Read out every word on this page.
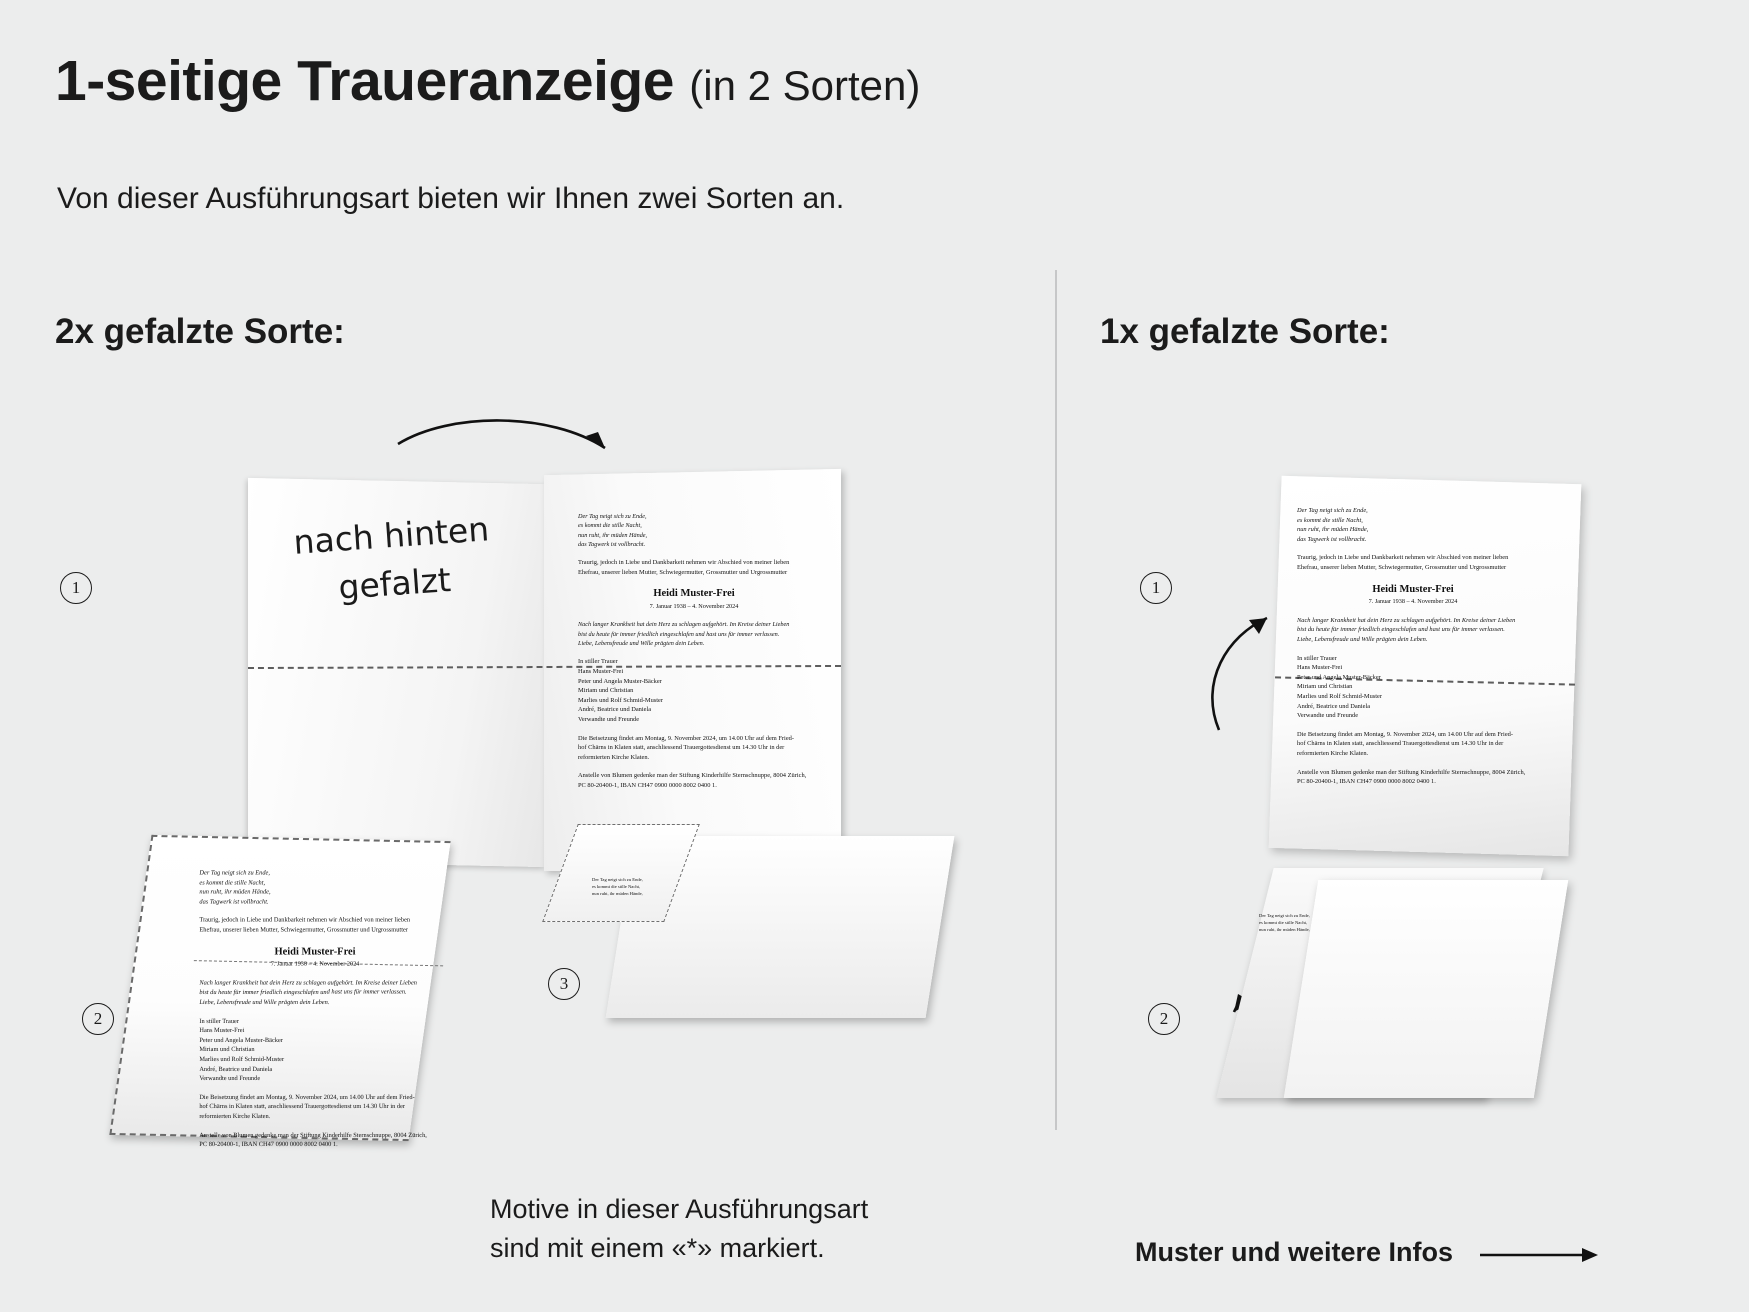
1-seitige Traueranzeige (in 2 Sorten)
Von dieser Ausführungsart bieten wir Ihnen zwei Sorten an.
2x gefalzte Sorte:	1x gefalzte Sorte:
1
2
3
1
2
nach hinten
gefalzt

Der Tag neigt sich zu Ende,

es kommt die stille Nacht,

nun ruht, ihr müden Hände,

das Tagwerk ist vollbracht.

Traurig, jedoch in Liebe und Dankbarkeit nehmen wir Abschied von meiner lieben

Ehefrau, unserer lieben Mutter, Schwiegermutter, Grossmutter und Urgrossmutter

Heidi Muster-Frei
7. Januar 1938 – 4. November 2024

Nach langer Krankheit hat dein Herz zu schlagen aufgehört. Im Kreise deiner Lieben

bist du heute für immer friedlich eingeschlafen und hast uns für immer verlassen.

Liebe, Lebensfreude und Wille prägten dein Leben.

In stiller Trauer

Hans Muster-Frei

Peter und Angela Muster-Bäcker

Miriam und Christian

Marlies und Rolf Schmid-Muster

André, Beatrice und Daniela

Verwandte und Freunde

Die Beisetzung findet am Montag, 9. November 2024, um 14.00 Uhr auf dem Fried-

hof Chärns in Klaten statt, anschliessend Trauergottesdienst um 14.30 Uhr in der

reformierten Kirche Klaten.

Anstelle von Blumen gedenke man der Stiftung Kinderhilfe Sternschnuppe, 8004 Zürich,

PC 80-20400-1, IBAN CH47 0900 0000 8002 0400 1.

Der Tag neigt sich zu Ende,

es kommt die stille Nacht,

nun ruht, ihr müden Hände,

das Tagwerk ist vollbracht.

Traurig, jedoch in Liebe und Dankbarkeit nehmen wir Abschied von meiner lieben

Ehefrau, unserer lieben Mutter, Schwiegermutter, Grossmutter und Urgrossmutter

Heidi Muster-Frei
7. Januar 1938 – 4. November 2024

Nach langer Krankheit hat dein Herz zu schlagen aufgehört. Im Kreise deiner Lieben

bist du heute für immer friedlich eingeschlafen und hast uns für immer verlassen.

Liebe, Lebensfreude und Wille prägten dein Leben.

In stiller Trauer

Hans Muster-Frei

Peter und Angela Muster-Bäcker

Miriam und Christian

Marlies und Rolf Schmid-Muster

André, Beatrice und Daniela

Verwandte und Freunde

Die Beisetzung findet am Montag, 9. November 2024, um 14.00 Uhr auf dem Fried-

hof Chärns in Klaten statt, anschliessend Trauergottesdienst um 14.30 Uhr in der

reformierten Kirche Klaten.

Anstelle von Blumen gedenke man der Stiftung Kinderhilfe Sternschnuppe, 8004 Zürich,

PC 80-20400-1, IBAN CH47 0900 0000 8002 0400 1.

Der Tag neigt sich zu Ende,

es kommt die stille Nacht,

nun ruht, ihr müden Hände,

Der Tag neigt sich zu Ende,

es kommt die stille Nacht,

nun ruht, ihr müden Hände,

das Tagwerk ist vollbracht.

Traurig, jedoch in Liebe und Dankbarkeit nehmen wir Abschied von meiner lieben

Ehefrau, unserer lieben Mutter, Schwiegermutter, Grossmutter und Urgrossmutter

Heidi Muster-Frei
7. Januar 1938 – 4. November 2024

Nach langer Krankheit hat dein Herz zu schlagen aufgehört. Im Kreise deiner Lieben

bist du heute für immer friedlich eingeschlafen und hast uns für immer verlassen.

Liebe, Lebensfreude und Wille prägten dein Leben.

In stiller Trauer

Hans Muster-Frei

Peter und Angela Muster-Bäcker

Miriam und Christian

Marlies und Rolf Schmid-Muster

André, Beatrice und Daniela

Verwandte und Freunde

Die Beisetzung findet am Montag, 9. November 2024, um 14.00 Uhr auf dem Fried-

hof Chärns in Klaten statt, anschliessend Trauergottesdienst um 14.30 Uhr in der

reformierten Kirche Klaten.

Anstelle von Blumen gedenke man der Stiftung Kinderhilfe Sternschnuppe, 8004 Zürich,

PC 80-20400-1, IBAN CH47 0900 0000 8002 0400 1.

Der Tag neigt sich zu Ende,

es kommt die stille Nacht,

nun ruht, ihr müden Hände,

Motive in dieser Ausführungsart
sind mit einem «*» markiert.	Muster und weitere Infos
